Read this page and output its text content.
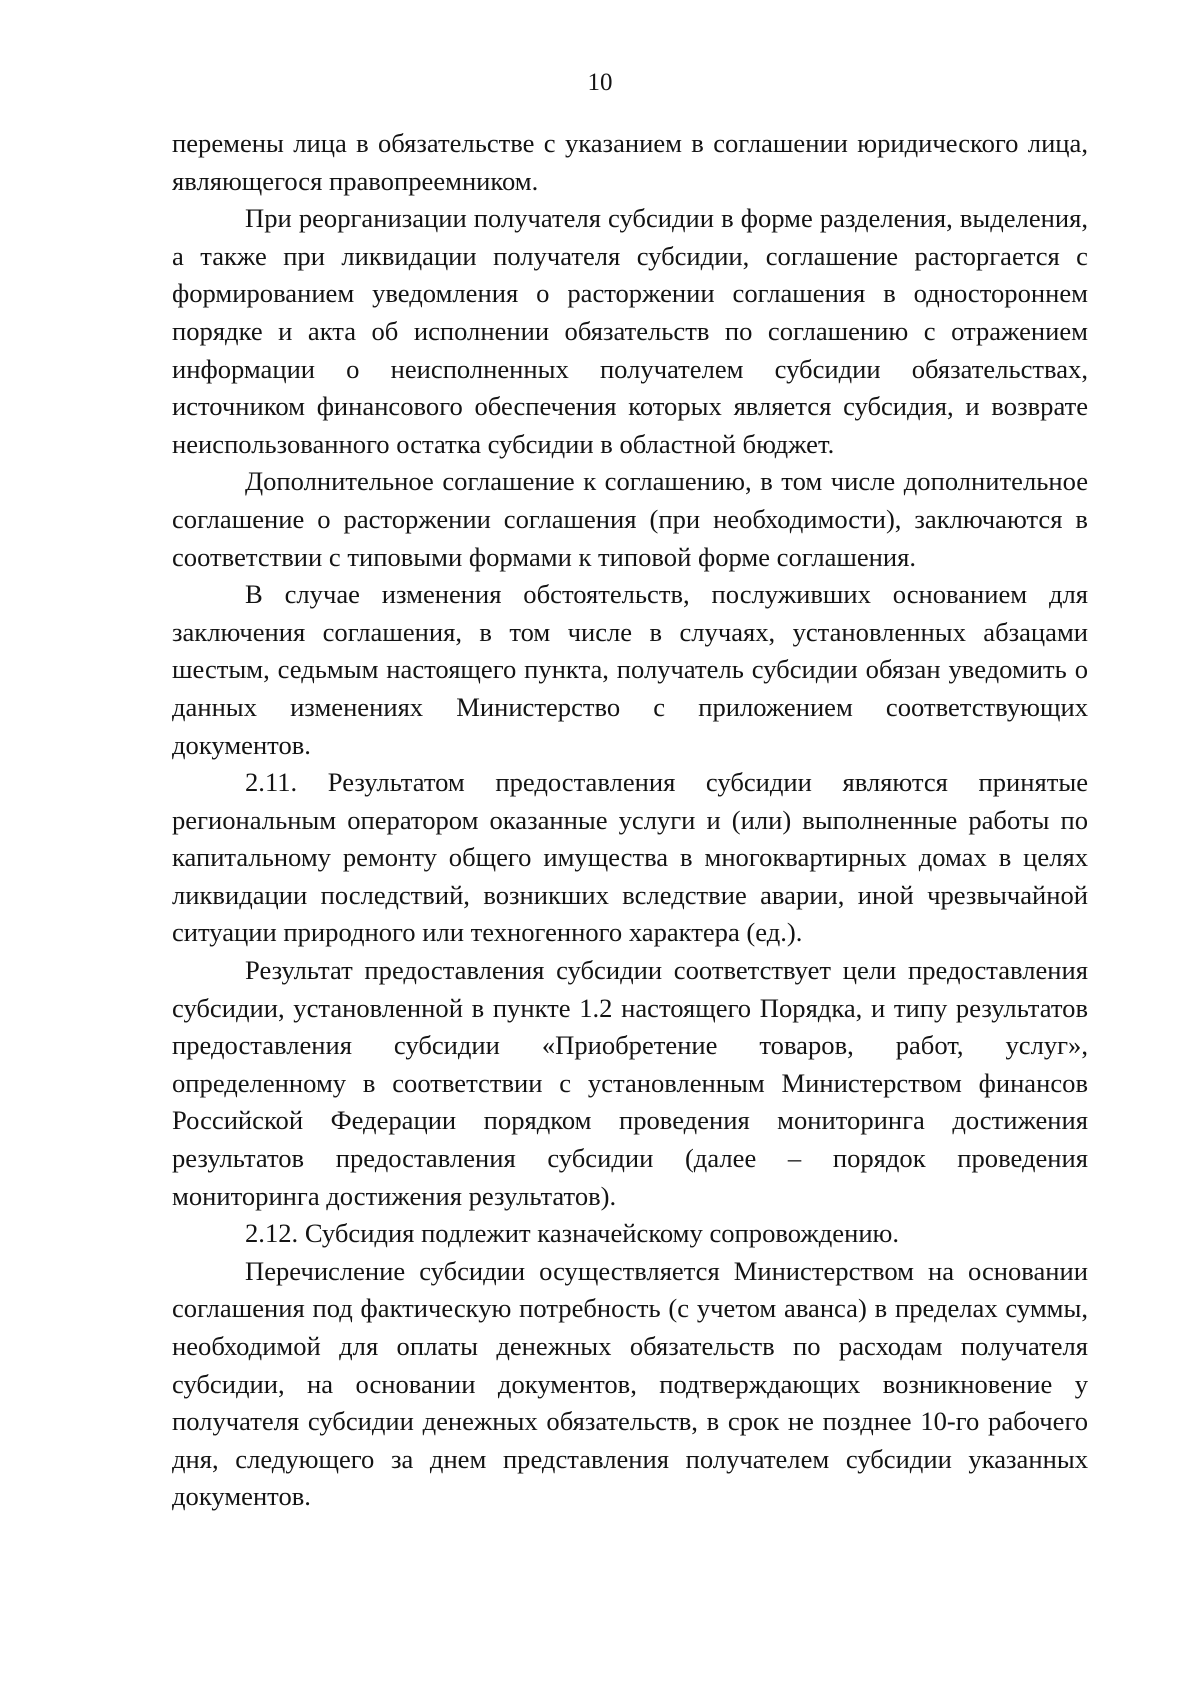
10

перемены лица в обязательстве с указанием в соглашении юридического лица, являющегося правопреемником.

При реорганизации получателя субсидии в форме разделения, выделения, а также при ликвидации получателя субсидии, соглашение расторгается с формированием уведомления о расторжении соглашения в одностороннем порядке и акта об исполнении обязательств по соглашению с отражением информации о неисполненных получателем субсидии обязательствах, источником финансового обеспечения которых является субсидия, и возврате неиспользованного остатка субсидии в областной бюджет.

Дополнительное соглашение к соглашению, в том числе дополнительное соглашение о расторжении соглашения (при необходимости), заключаются в соответствии с типовыми формами к типовой форме соглашения.

В случае изменения обстоятельств, послуживших основанием для заключения соглашения, в том числе в случаях, установленных абзацами шестым, седьмым настоящего пункта, получатель субсидии обязан уведомить о данных изменениях Министерство с приложением соответствующих документов.

2.11. Результатом предоставления субсидии являются принятые региональным оператором оказанные услуги и (или) выполненные работы по капитальному ремонту общего имущества в многоквартирных домах в целях ликвидации последствий, возникших вследствие аварии, иной чрезвычайной ситуации природного или техногенного характера (ед.).

Результат предоставления субсидии соответствует цели предоставления субсидии, установленной в пункте 1.2 настоящего Порядка, и типу результатов предоставления субсидии «Приобретение товаров, работ, услуг», определенному в соответствии с установленным Министерством финансов Российской Федерации порядком проведения мониторинга достижения результатов предоставления субсидии (далее – порядок проведения мониторинга достижения результатов).

2.12. Субсидия подлежит казначейскому сопровождению.

Перечисление субсидии осуществляется Министерством на основании соглашения под фактическую потребность (с учетом аванса) в пределах суммы, необходимой для оплаты денежных обязательств по расходам получателя субсидии, на основании документов, подтверждающих возникновение у получателя субсидии денежных обязательств, в срок не позднее 10-го рабочего дня, следующего за днем представления получателем субсидии указанных документов.
